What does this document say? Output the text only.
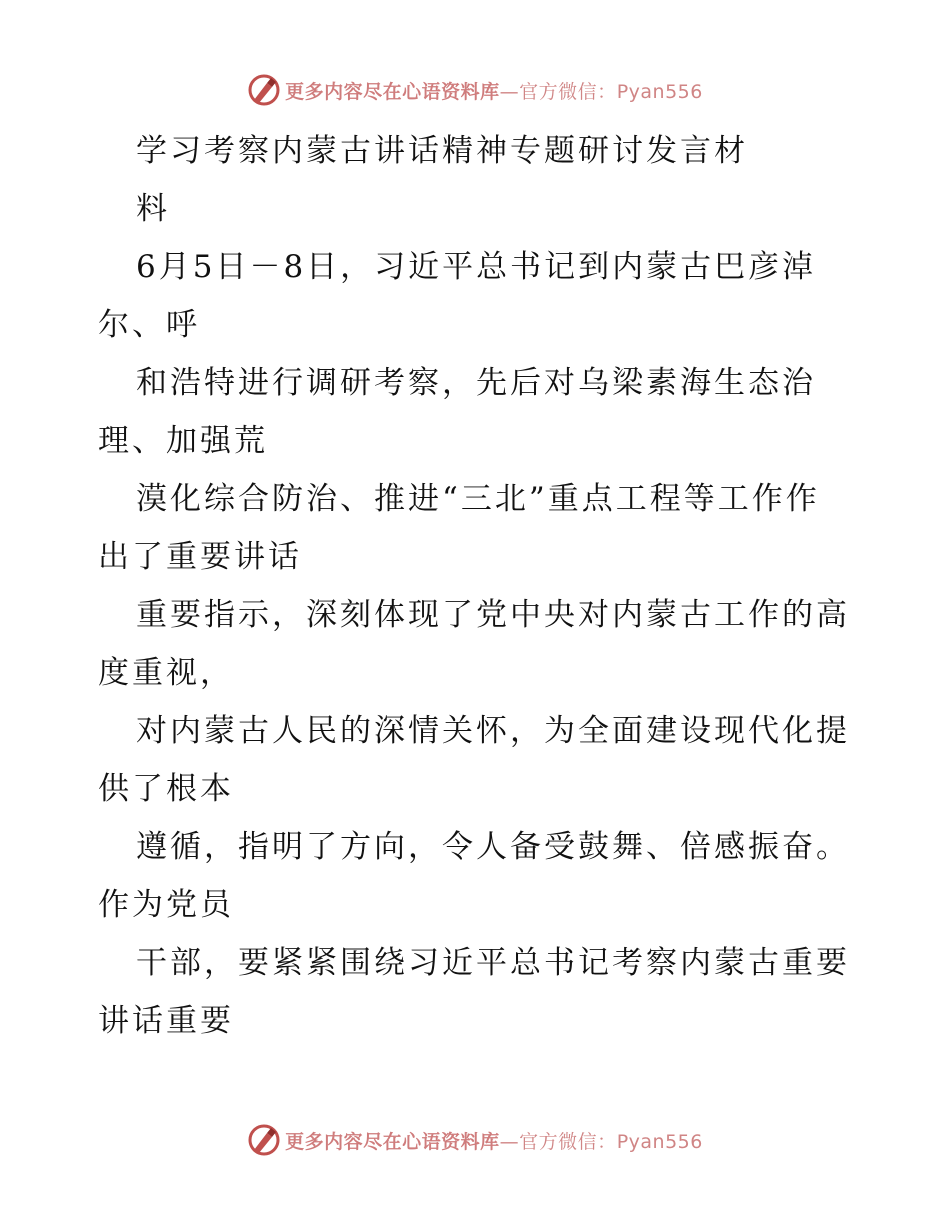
更多内容尽在心语资料库—官方微信：Pyan556
学习考察内蒙古讲话精神专题研讨发言材
料
6月5日－8日，习近平总书记到内蒙古巴彦淖
尔、呼
和浩特进行调研考察，先后对乌梁素海生态治
理、加强荒
漠化综合防治、推进“三北”重点工程等工作作
出了重要讲话
重要指示，深刻体现了党中央对内蒙古工作的高
度重视，
对内蒙古人民的深情关怀，为全面建设现代化提
供了根本
遵循，指明了方向，令人备受鼓舞、倍感振奋。
作为党员
干部，要紧紧围绕习近平总书记考察内蒙古重要
讲话重要
更多内容尽在心语资料库—官方微信：Pyan556
